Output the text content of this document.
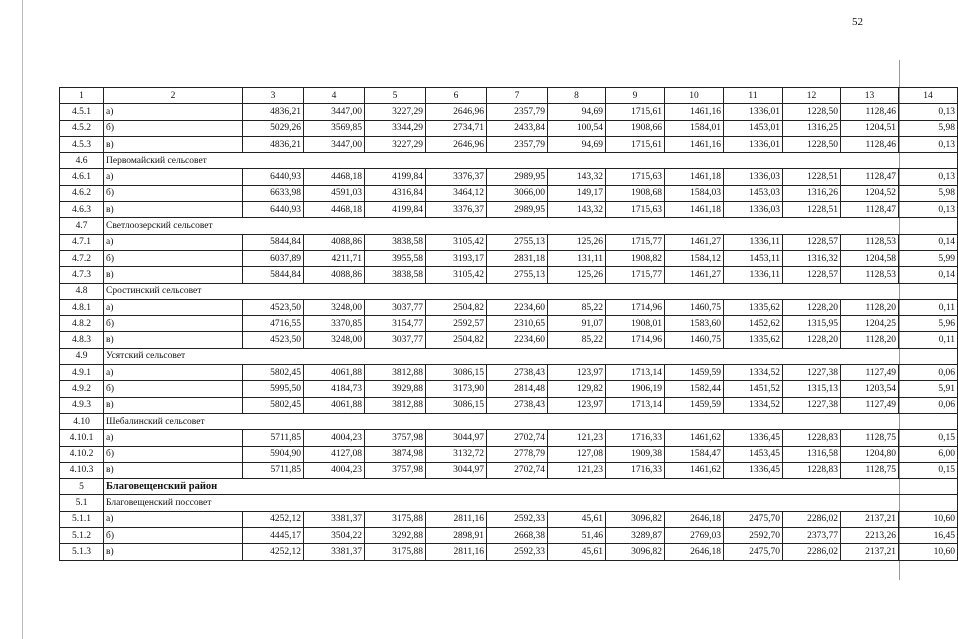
52
1	2	3	4	5	6	7	8	9	10	11	12	13	14
4.5.1	а)	4836,21	3447,00	3227,29	2646,96	2357,79	94,69	1715,61	1461,16	1336,01	1228,50	1128,46	0,13
4.5.2	б)	5029,26	3569,85	3344,29	2734,71	2433,84	100,54	1908,66	1584,01	1453,01	1316,25	1204,51	5,98
4.5.3	в)	4836,21	3447,00	3227,29	2646,96	2357,79	94,69	1715,61	1461,16	1336,01	1228,50	1128,46	0,13
4.6	Первомайский сельсовет												
4.6.1	а)	6440,93	4468,18	4199,84	3376,37	2989,95	143,32	1715,63	1461,18	1336,03	1228,51	1128,47	0,13
4.6.2	б)	6633,98	4591,03	4316,84	3464,12	3066,00	149,17	1908,68	1584,03	1453,03	1316,26	1204,52	5,98
4.6.3	в)	6440,93	4468,18	4199,84	3376,37	2989,95	143,32	1715,63	1461,18	1336,03	1228,51	1128,47	0,13
4.7	Светлоозерский сельсовет												
4.7.1	а)	5844,84	4088,86	3838,58	3105,42	2755,13	125,26	1715,77	1461,27	1336,11	1228,57	1128,53	0,14
4.7.2	б)	6037,89	4211,71	3955,58	3193,17	2831,18	131,11	1908,82	1584,12	1453,11	1316,32	1204,58	5,99
4.7.3	в)	5844,84	4088,86	3838,58	3105,42	2755,13	125,26	1715,77	1461,27	1336,11	1228,57	1128,53	0,14
4.8	Сростинский сельсовет												
4.8.1	а)	4523,50	3248,00	3037,77	2504,82	2234,60	85,22	1714,96	1460,75	1335,62	1228,20	1128,20	0,11
4.8.2	б)	4716,55	3370,85	3154,77	2592,57	2310,65	91,07	1908,01	1583,60	1452,62	1315,95	1204,25	5,96
4.8.3	в)	4523,50	3248,00	3037,77	2504,82	2234,60	85,22	1714,96	1460,75	1335,62	1228,20	1128,20	0,11
4.9	Усятский сельсовет												
4.9.1	а)	5802,45	4061,88	3812,88	3086,15	2738,43	123,97	1713,14	1459,59	1334,52	1227,38	1127,49	0,06
4.9.2	б)	5995,50	4184,73	3929,88	3173,90	2814,48	129,82	1906,19	1582,44	1451,52	1315,13	1203,54	5,91
4.9.3	в)	5802,45	4061,88	3812,88	3086,15	2738,43	123,97	1713,14	1459,59	1334,52	1227,38	1127,49	0,06
4.10	Шебалинский сельсовет												
4.10.1	а)	5711,85	4004,23	3757,98	3044,97	2702,74	121,23	1716,33	1461,62	1336,45	1228,83	1128,75	0,15
4.10.2	б)	5904,90	4127,08	3874,98	3132,72	2778,79	127,08	1909,38	1584,47	1453,45	1316,58	1204,80	6,00
4.10.3	в)	5711,85	4004,23	3757,98	3044,97	2702,74	121,23	1716,33	1461,62	1336,45	1228,83	1128,75	0,15
5	Благовещенский район												
5.1	Благовещенский поссовет												
5.1.1	а)	4252,12	3381,37	3175,88	2811,16	2592,33	45,61	3096,82	2646,18	2475,70	2286,02	2137,21	10,60
5.1.2	б)	4445,17	3504,22	3292,88	2898,91	2668,38	51,46	3289,87	2769,03	2592,70	2373,77	2213,26	16,45
5.1.3	в)	4252,12	3381,37	3175,88	2811,16	2592,33	45,61	3096,82	2646,18	2475,70	2286,02	2137,21	10,60
